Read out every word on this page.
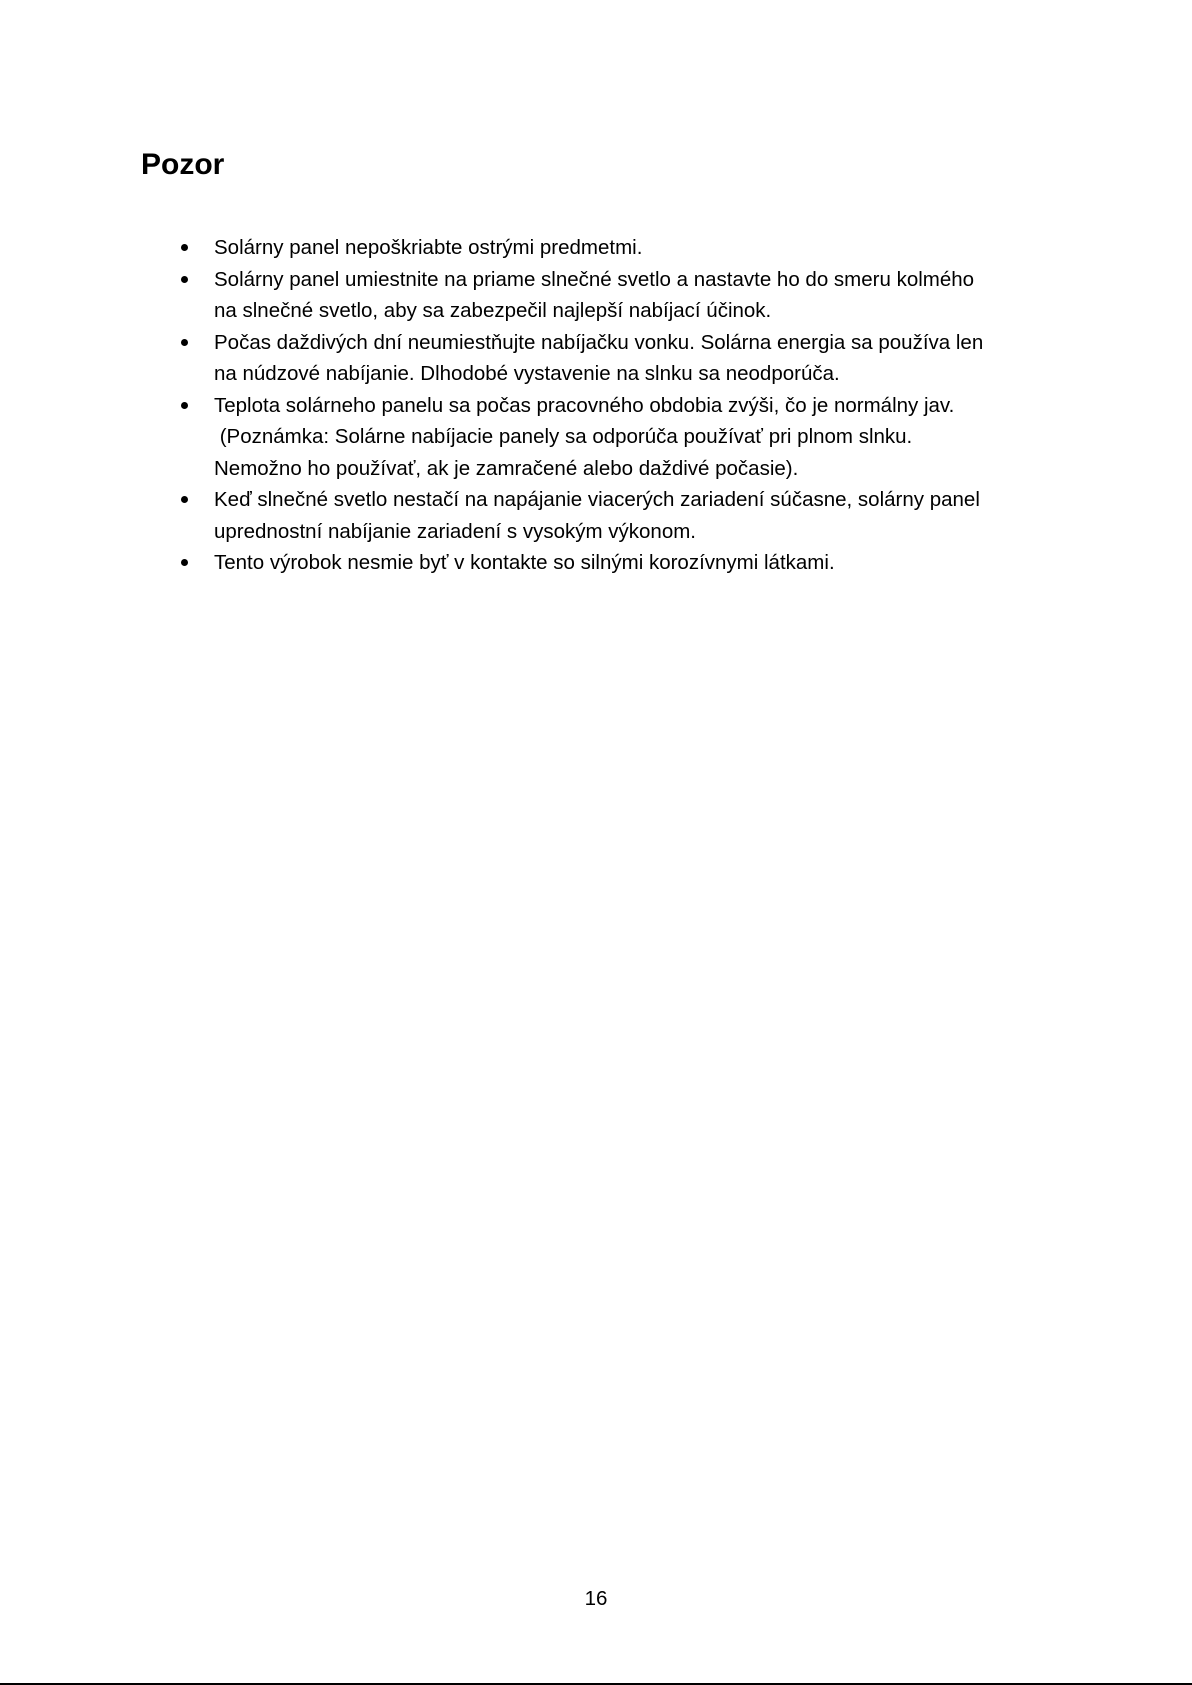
Pozor
Solárny panel nepoškriabte ostrými predmetmi.
Solárny panel umiestnite na priame slnečné svetlo a nastavte ho do smeru kolmého
na slnečné svetlo, aby sa zabezpečil najlepší nabíjací účinok.
Počas daždivých dní neumiestňujte nabíjačku vonku. Solárna energia sa používa len
na núdzové nabíjanie. Dlhodobé vystavenie na slnku sa neodporúča.
Teplota solárneho panelu sa počas pracovného obdobia zvýši, čo je normálny jav.
(Poznámka: Solárne nabíjacie panely sa odporúča používať pri plnom slnku.
Nemožno ho používať, ak je zamračené alebo daždivé počasie).
Keď slnečné svetlo nestačí na napájanie viacerých zariadení súčasne, solárny panel
uprednostní nabíjanie zariadení s vysokým výkonom.
Tento výrobok nesmie byť v kontakte so silnými korozívnymi látkami.
16
